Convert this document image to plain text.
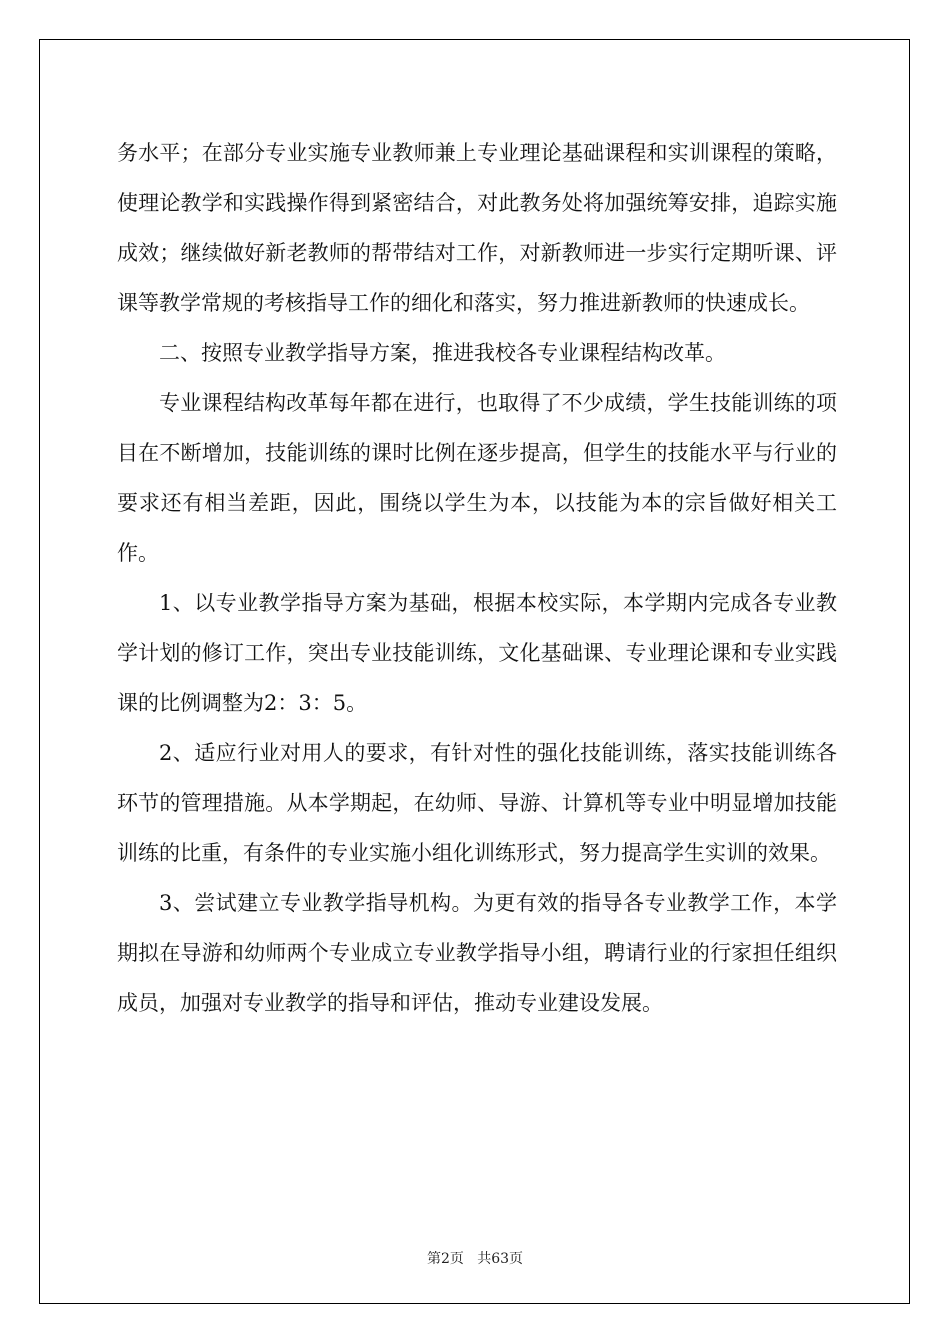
务水平；在部分专业实施专业教师兼上专业理论基础课程和实训课程的策略，使理论教学和实践操作得到紧密结合，对此教务处将加强统筹安排，追踪实施成效；继续做好新老教师的帮带结对工作，对新教师进一步实行定期听课、评课等教学常规的考核指导工作的细化和落实，努力推进新教师的快速成长。

二、按照专业教学指导方案，推进我校各专业课程结构改革。

专业课程结构改革每年都在进行，也取得了不少成绩，学生技能训练的项目在不断增加，技能训练的课时比例在逐步提高，但学生的技能水平与行业的要求还有相当差距，因此，围绕以学生为本，以技能为本的宗旨做好相关工作。

1、以专业教学指导方案为基础，根据本校实际，本学期内完成各专业教学计划的修订工作，突出专业技能训练，文化基础课、专业理论课和专业实践课的比例调整为2：3：5。

2、适应行业对用人的要求，有针对性的强化技能训练，落实技能训练各环节的管理措施。从本学期起，在幼师、导游、计算机等专业中明显增加技能训练的比重，有条件的专业实施小组化训练形式，努力提高学生实训的效果。

3、尝试建立专业教学指导机构。为更有效的指导各专业教学工作，本学期拟在导游和幼师两个专业成立专业教学指导小组，聘请行业的行家担任组织成员，加强对专业教学的指导和评估，推动专业建设发展。

第2页   共63页
